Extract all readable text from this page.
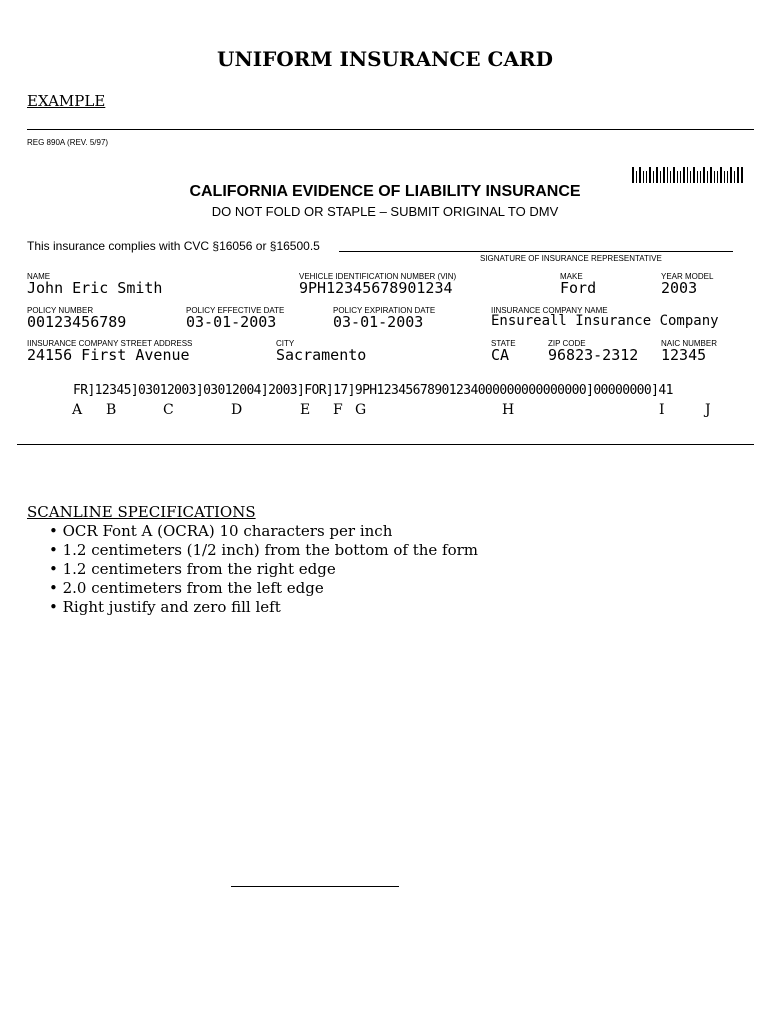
UNIFORM INSURANCE CARD
EXAMPLE
REG 890A (REV. 5/97)
CALIFORNIA EVIDENCE OF LIABILITY INSURANCE
DO NOT FOLD OR STAPLE – SUBMIT ORIGINAL TO DMV
This insurance complies with CVC §16056 or §16500.5
SIGNATURE OF INSURANCE REPRESENTATIVE
NAME
John Eric Smith
VEHICLE IDENTIFICATION NUMBER (VIN)
9PH12345678901234
MAKE
Ford
YEAR MODEL
2003
POLICY NUMBER
00123456789
POLICY EFFECTIVE DATE
03-01-2003
POLICY EXPIRATION DATE
03-01-2003
IINSURANCE COMPANY NAME
Ensureall Insurance Company
IINSURANCE COMPANY STREET ADDRESS
24156 First Avenue
CITY
Sacramento
STATE
CA
ZIP CODE
96823-2312
NAIC NUMBER
12345
FR]12345]03012003]03012004]2003]FOR]17]9PH12345678901234000000000000000]00000000]41
A B	C	D	E F G	H	I	J
SCANLINE SPECIFICATIONS
• OCR Font A (OCRA) 10 characters per inch
• 1.2 centimeters (1/2 inch) from the bottom of the form
• 1.2 centimeters from the right edge
• 2.0 centimeters from the left edge
• Right justify and zero fill left
